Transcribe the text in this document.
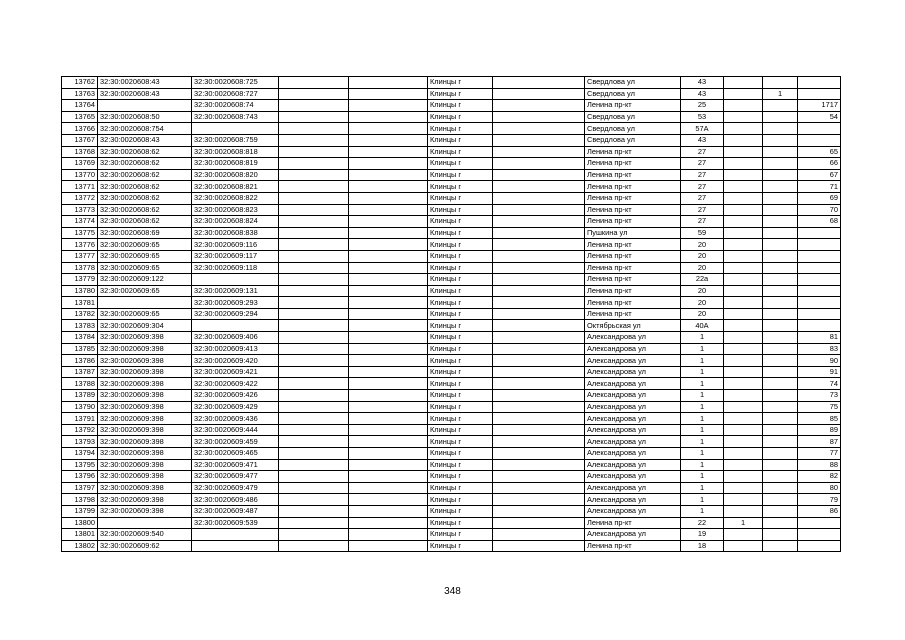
13762	32:30:0020608:43	32:30:0020608:725			Клинцы г		Свердлова ул	43			
13763	32:30:0020608:43	32:30:0020608:727			Клинцы г		Свердлова ул	43		1	
13764		32:30:0020608:74			Клинцы г		Ленина пр-кт	25			1717
13765	32:30:0020608:50	32:30:0020608:743			Клинцы г		Свердлова ул	53			54
13766	32:30:0020608:754				Клинцы г		Свердлова ул	57А			
13767	32:30:0020608:43	32:30:0020608:759			Клинцы г		Свердлова ул	43			
13768	32:30:0020608:62	32:30:0020608:818			Клинцы г		Ленина пр-кт	27			65
13769	32:30:0020608:62	32:30:0020608:819			Клинцы г		Ленина пр-кт	27			66
13770	32:30:0020608:62	32:30:0020608:820			Клинцы г		Ленина пр-кт	27			67
13771	32:30:0020608:62	32:30:0020608:821			Клинцы г		Ленина пр-кт	27			71
13772	32:30:0020608:62	32:30:0020608:822			Клинцы г		Ленина пр-кт	27			69
13773	32:30:0020608:62	32:30:0020608:823			Клинцы г		Ленина пр-кт	27			70
13774	32:30:0020608:62	32:30:0020608:824			Клинцы г		Ленина пр-кт	27			68
13775	32:30:0020608:69	32:30:0020608:838			Клинцы г		Пушкина ул	59			
13776	32:30:0020609:65	32:30:0020609:116			Клинцы г		Ленина пр-кт	20			
13777	32:30:0020609:65	32:30:0020609:117			Клинцы г		Ленина пр-кт	20			
13778	32:30:0020609:65	32:30:0020609:118			Клинцы г		Ленина пр-кт	20			
13779	32:30:0020609:122				Клинцы г		Ленина пр-кт	22а			
13780	32:30:0020609:65	32:30:0020609:131			Клинцы г		Ленина пр-кт	20			
13781		32:30:0020609:293			Клинцы г		Ленина пр-кт	20			
13782	32:30:0020609:65	32:30:0020609:294			Клинцы г		Ленина пр-кт	20			
13783	32:30:0020609:304				Клинцы г		Октябрьская ул	40А			
13784	32:30:0020609:398	32:30:0020609:406			Клинцы г		Александрова ул	1			81
13785	32:30:0020609:398	32:30:0020609:413			Клинцы г		Александрова ул	1			83
13786	32:30:0020609:398	32:30:0020609:420			Клинцы г		Александрова ул	1			90
13787	32:30:0020609:398	32:30:0020609:421			Клинцы г		Александрова ул	1			91
13788	32:30:0020609:398	32:30:0020609:422			Клинцы г		Александрова ул	1			74
13789	32:30:0020609:398	32:30:0020609:426			Клинцы г		Александрова ул	1			73
13790	32:30:0020609:398	32:30:0020609:429			Клинцы г		Александрова ул	1			75
13791	32:30:0020609:398	32:30:0020609:436			Клинцы г		Александрова ул	1			85
13792	32:30:0020609:398	32:30:0020609:444			Клинцы г		Александрова ул	1			89
13793	32:30:0020609:398	32:30:0020609:459			Клинцы г		Александрова ул	1			87
13794	32:30:0020609:398	32:30:0020609:465			Клинцы г		Александрова ул	1			77
13795	32:30:0020609:398	32:30:0020609:471			Клинцы г		Александрова ул	1			88
13796	32:30:0020609:398	32:30:0020609:477			Клинцы г		Александрова ул	1			82
13797	32:30:0020609:398	32:30:0020609:479			Клинцы г		Александрова ул	1			80
13798	32:30:0020609:398	32:30:0020609:486			Клинцы г		Александрова ул	1			79
13799	32:30:0020609:398	32:30:0020609:487			Клинцы г		Александрова ул	1			86
13800		32:30:0020609:539			Клинцы г		Ленина пр-кт	22	1		
13801	32:30:0020609:540				Клинцы г		Александрова ул	19			
13802	32:30:0020609:62				Клинцы г		Ленина пр-кт	18			
348
